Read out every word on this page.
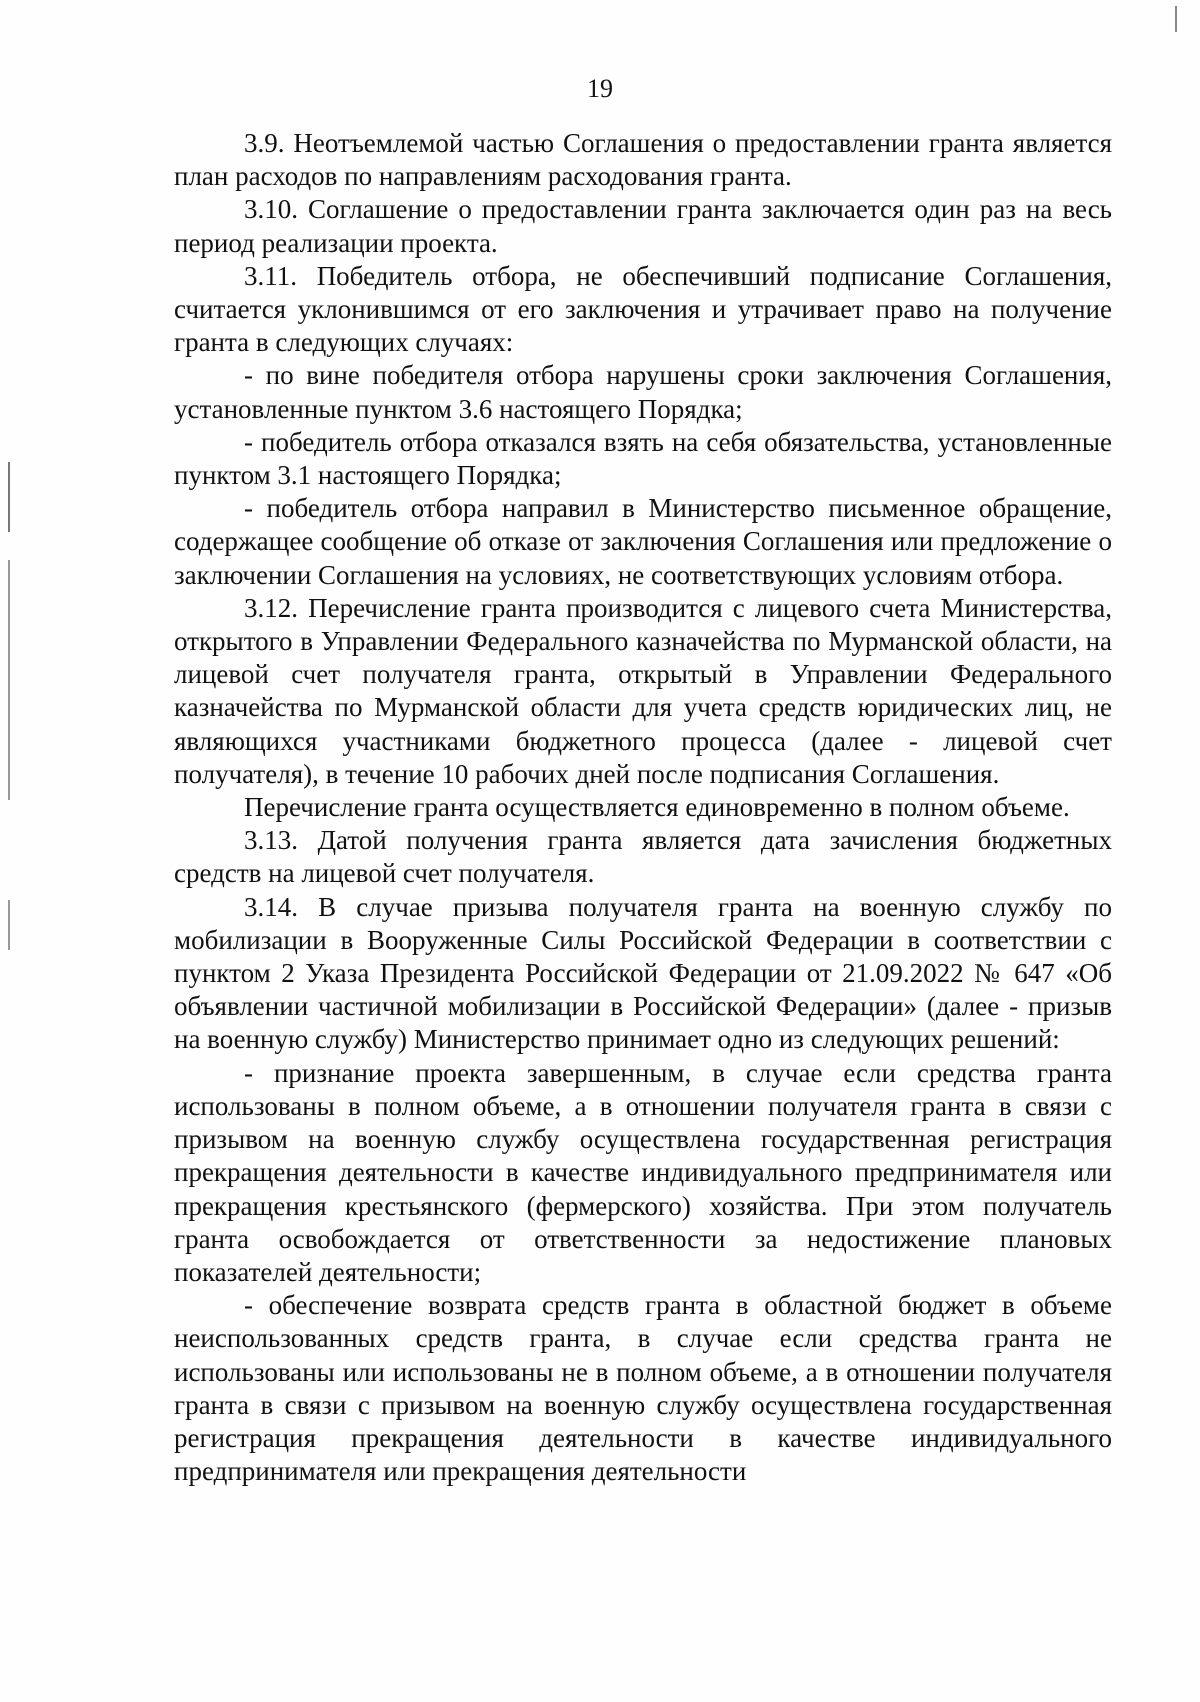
19

3.9. Неотъемлемой частью Соглашения о предоставлении гранта является план расходов по направлениям расходования гранта.

3.10. Соглашение о предоставлении гранта заключается один раз на весь период реализации проекта.

3.11. Победитель отбора, не обеспечивший подписание Соглашения, считается уклонившимся от его заключения и утрачивает право на получение гранта в следующих случаях:

- по вине победителя отбора нарушены сроки заключения Соглашения, установленные пунктом 3.6 настоящего Порядка;

- победитель отбора отказался взять на себя обязательства, установленные пунктом 3.1 настоящего Порядка;

- победитель отбора направил в Министерство письменное обращение, содержащее сообщение об отказе от заключения Соглашения или предложение о заключении Соглашения на условиях, не соответствующих условиям отбора.

3.12. Перечисление гранта производится с лицевого счета Министерства, открытого в Управлении Федерального казначейства по Мурманской области, на лицевой счет получателя гранта, открытый в Управлении Федерального казначейства по Мурманской области для учета средств юридических лиц, не являющихся участниками бюджетного процесса (далее - лицевой счет получателя), в течение 10 рабочих дней после подписания Соглашения.

Перечисление гранта осуществляется единовременно в полном объеме.

3.13. Датой получения гранта является дата зачисления бюджетных средств на лицевой счет получателя.

3.14. В случае призыва получателя гранта на военную службу по мобилизации в Вооруженные Силы Российской Федерации в соответствии с пунктом 2 Указа Президента Российской Федерации от 21.09.2022 № 647 «Об объявлении частичной мобилизации в Российской Федерации» (далее - призыв на военную службу) Министерство принимает одно из следующих решений:

- признание проекта завершенным, в случае если средства гранта использованы в полном объеме, а в отношении получателя гранта в связи с призывом на военную службу осуществлена государственная регистрация прекращения деятельности в качестве индивидуального предпринимателя или прекращения крестьянского (фермерского) хозяйства. При этом получатель гранта освобождается от ответственности за недостижение плановых показателей деятельности;

- обеспечение возврата средств гранта в областной бюджет в объеме неиспользованных средств гранта, в случае если средства гранта не использованы или использованы не в полном объеме, а в отношении получателя гранта в связи с призывом на военную службу осуществлена государственная регистрация прекращения деятельности в качестве индивидуального предпринимателя или прекращения деятельности
